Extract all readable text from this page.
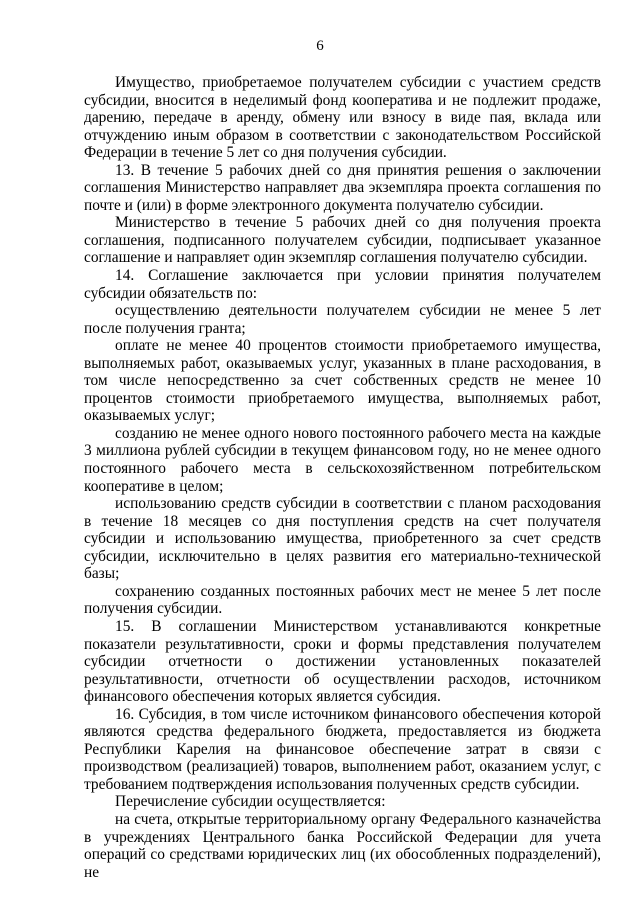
6

Имущество, приобретаемое получателем субсидии с участием средств субсидии, вносится в неделимый фонд кооператива и не подлежит продаже, дарению, передаче в аренду, обмену или взносу в виде пая, вклада или отчуждению иным образом в соответствии с законодательством Российской Федерации в течение 5 лет со дня получения субсидии.

13. В течение 5 рабочих дней со дня принятия решения о заключении соглашения Министерство направляет два экземпляра проекта соглашения по почте и (или) в форме электронного документа получателю субсидии.

Министерство в течение 5 рабочих дней со дня получения проекта соглашения, подписанного получателем субсидии, подписывает указанное соглашение и направляет один экземпляр соглашения получателю субсидии.

14. Соглашение заключается при условии принятия получателем субсидии обязательств по:

осуществлению деятельности получателем субсидии не менее 5 лет после получения гранта;

оплате не менее 40 процентов стоимости приобретаемого имущества, выполняемых работ, оказываемых услуг, указанных в плане расходования, в том числе непосредственно за счет собственных средств не менее 10 процентов стоимости приобретаемого имущества, выполняемых работ, оказываемых услуг;

созданию не менее одного нового постоянного рабочего места на каждые 3 миллиона рублей субсидии в текущем финансовом году, но не менее одного постоянного рабочего места в сельскохозяйственном потребительском кооперативе в целом;

использованию средств субсидии в соответствии с планом расходования в течение 18 месяцев со дня поступления средств на счет получателя субсидии и использованию имущества, приобретенного за счет средств субсидии, исключительно в целях развития его материально-технической базы;

сохранению созданных постоянных рабочих мест не менее 5 лет после получения субсидии.

15. В соглашении Министерством устанавливаются конкретные показатели результативности, сроки и формы представления получателем субсидии отчетности о достижении установленных показателей результативности, отчетности об осуществлении расходов, источником финансового обеспечения которых является субсидия.

16. Субсидия, в том числе источником финансового обеспечения которой являются средства федерального бюджета, предоставляется из бюджета Республики Карелия на финансовое обеспечение затрат в связи с производством (реализацией) товаров, выполнением работ, оказанием услуг, с требованием подтверждения использования полученных средств субсидии.

Перечисление субсидии осуществляется:

на счета, открытые территориальному органу Федерального казначейства в учреждениях Центрального банка Российской Федерации для учета операций со средствами юридических лиц (их обособленных подразделений), не
